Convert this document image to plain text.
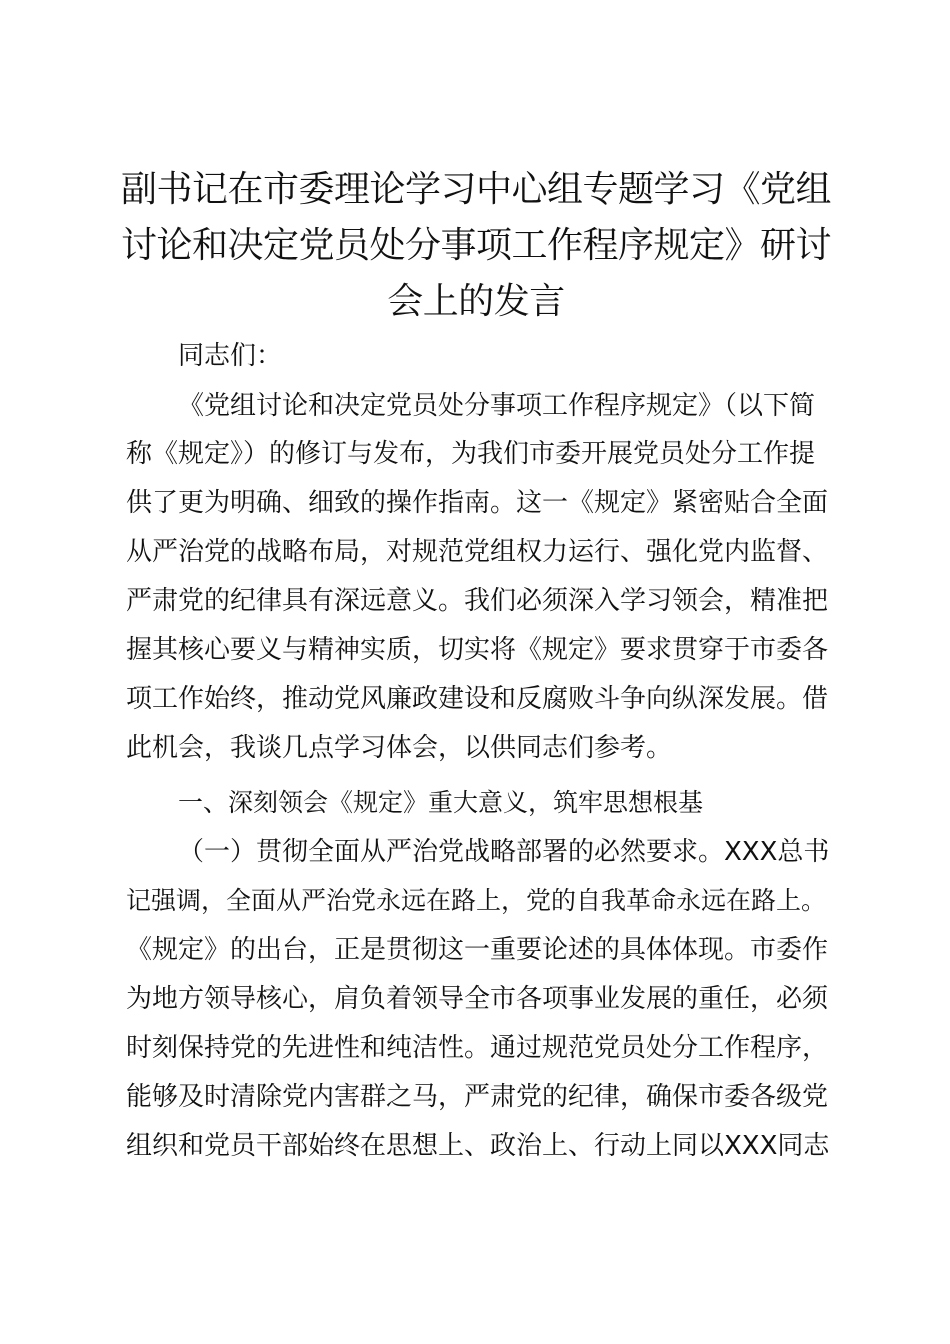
副书记在市委理论学习中心组专题学习《党组
讨论和决定党员处分事项工作程序规定》研讨
会上的发言

同志们：

《党组讨论和决定党员处分事项工作程序规定》（以下简

称《规定》）的修订与发布，为我们市委开展党员处分工作提

供了更为明确、细致的操作指南。这一《规定》紧密贴合全面

从严治党的战略布局，对规范党组权力运行、强化党内监督、

严肃党的纪律具有深远意义。我们必须深入学习领会，精准把

握其核心要义与精神实质，切实将《规定》要求贯穿于市委各

项工作始终，推动党风廉政建设和反腐败斗争向纵深发展。借

此机会，我谈几点学习体会，以供同志们参考。

一、深刻领会《规定》重大意义，筑牢思想根基

（一）贯彻全面从严治党战略部署的必然要求。XXX总书

记强调，全面从严治党永远在路上，党的自我革命永远在路上。

《规定》的出台，正是贯彻这一重要论述的具体体现。市委作

为地方领导核心，肩负着领导全市各项事业发展的重任，必须

时刻保持党的先进性和纯洁性。通过规范党员处分工作程序，

能够及时清除党内害群之马，严肃党的纪律，确保市委各级党

组织和党员干部始终在思想上、政治上、行动上同以XXX同志
